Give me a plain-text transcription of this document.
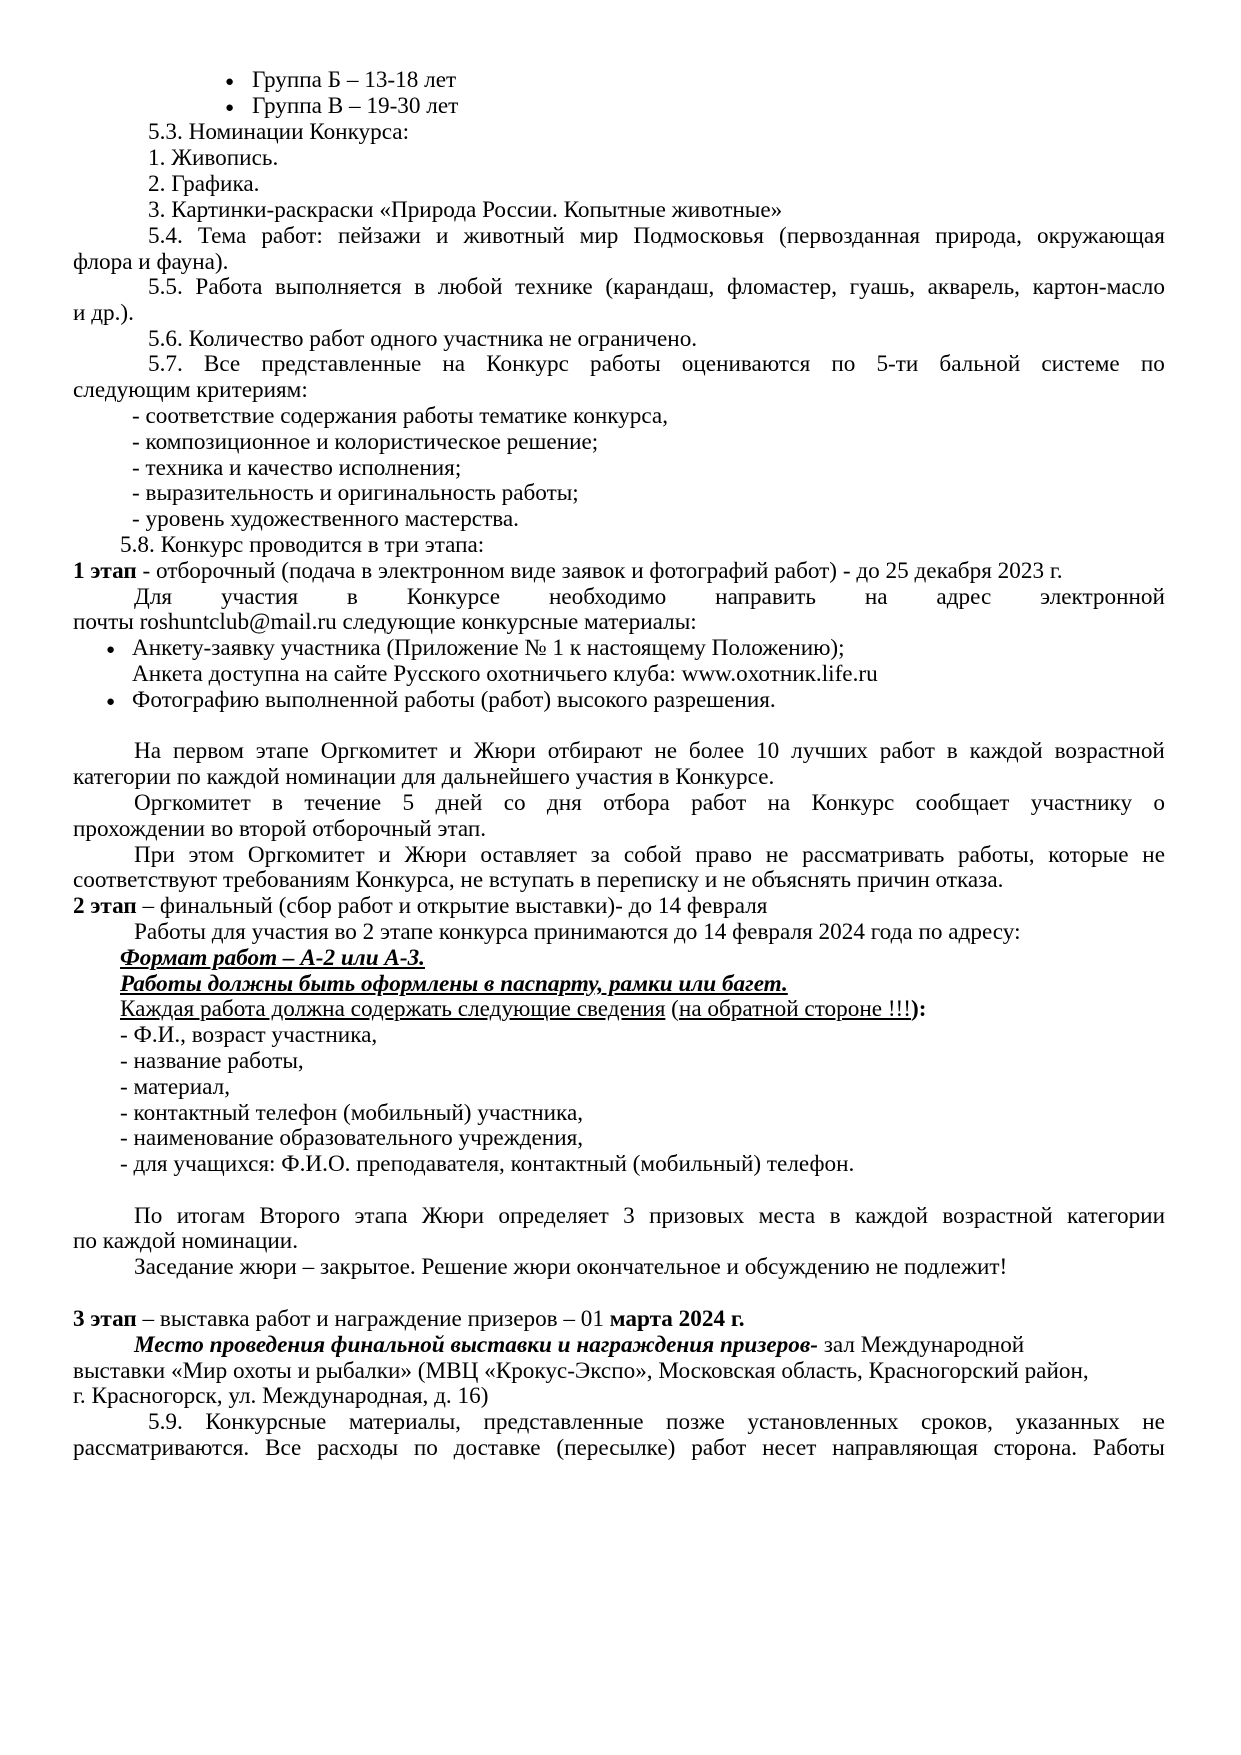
● Группа Б – 13-18 лет
● Группа В – 19-30 лет
5.3. Номинации Конкурса:
1. Живопись.
2. Графика.
3. Картинки-раскраски «Природа России. Копытные животные»
5.4. Тема работ: пейзажи и животный мир Подмосковья (первозданная природа, окружающая
флора и фауна).
5.5. Работа выполняется в любой технике (карандаш, фломастер, гуашь, акварель, картон-масло
и др.).
5.6. Количество работ одного участника не ограничено.
5.7. Все представленные на Конкурс работы оцениваются по 5-ти бальной системе по
следующим критериям:
- соответствие содержания работы тематике конкурса,
- композиционное и колористическое решение;
- техника и качество исполнения;
- выразительность и оригинальность работы;
- уровень художественного мастерства.
5.8. Конкурс проводится в три этапа:
1 этап - отборочный (подача в электронном виде заявок и фотографий работ) - до 25 декабря 2023 г.
Для участия в Конкурсе необходимо направить на адрес электронной
почты roshuntclub@mail.ru следующие конкурсные материалы:
● Анкету-заявку участника (Приложение № 1 к настоящему Положению);
Анкета доступна на сайте Русского охотничьего клуба: www.oхотник.life.ru
● Фотографию выполненной работы (работ) высокого разрешения.
На первом этапе Оргкомитет и Жюри отбирают не более 10 лучших работ в каждой возрастной
категории по каждой номинации для дальнейшего участия в Конкурсе.
Оргкомитет в течение 5 дней со дня отбора работ на Конкурс сообщает участнику о
прохождении во второй отборочный этап.
При этом Оргкомитет и Жюри оставляет за собой право не рассматривать работы, которые не
соответствуют требованиям Конкурса, не вступать в переписку и не объяснять причин отказа.
2 этап – финальный (сбор работ и открытие выставки)- до 14 февраля
Работы для участия во 2 этапе конкурса принимаются до 14 февраля 2024 года по адресу:
Формат работ – А-2 или А-3.
Работы должны быть оформлены в паспарту, рамки или багет.
Каждая работа должна содержать следующие сведения (на обратной стороне !!!):
- Ф.И., возраст участника,
- название работы,
- материал,
- контактный телефон (мобильный) участника,
- наименование образовательного учреждения,
- для учащихся: Ф.И.О. преподавателя, контактный (мобильный) телефон.
По итогам Второго этапа Жюри определяет 3 призовых места в каждой возрастной категории
по каждой номинации.
Заседание жюри – закрытое. Решение жюри окончательное и обсуждению не подлежит!
3 этап – выставка работ и награждение призеров – 01 марта 2024 г.
Место проведения финальной выставки и награждения призеров- зал Международной
выставки «Мир охоты и рыбалки» (МВЦ «Крокус-Экспо», Московская область, Красногорский район,
г. Красногорск, ул. Международная, д. 16)
5.9. Конкурсные материалы, представленные позже установленных сроков, указанных не
рассматриваются. Все расходы по доставке (пересылке) работ несет направляющая сторона. Работы
